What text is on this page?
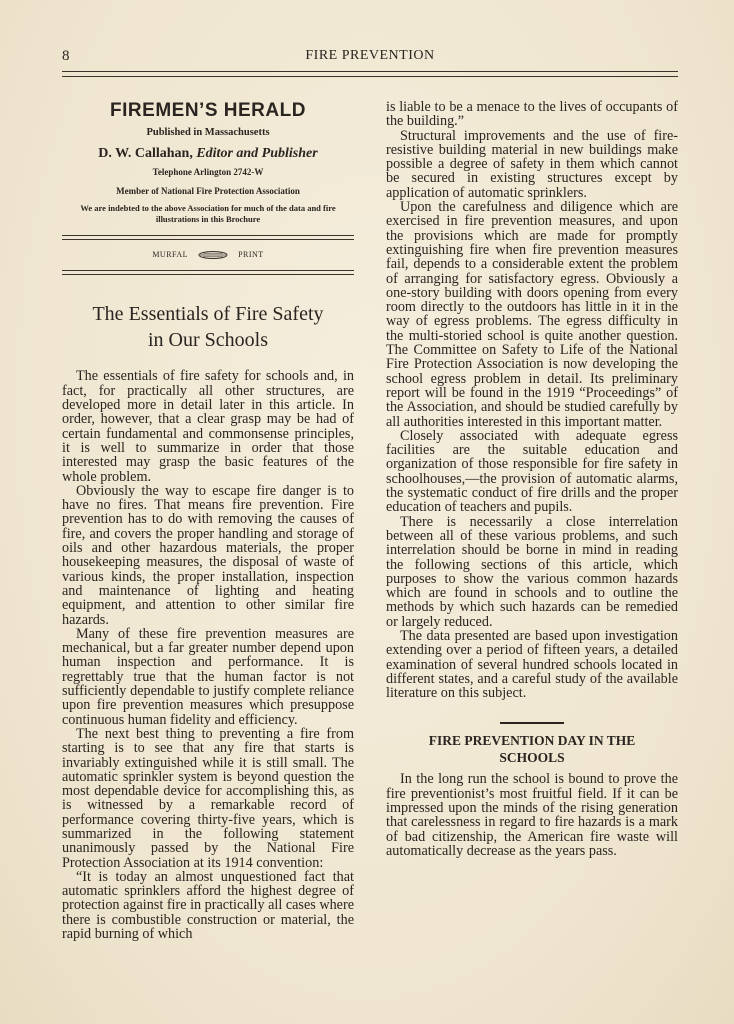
8	FIRE PREVENTION
FIREMEN’S HERALD
Published in Massachusetts
D. W. Callahan, Editor and Publisher
Telephone Arlington 2742-W
Member of National Fire Protection Association
We are indebted to the above Association for much of the data and fire illustrations in this Brochure
MURFAL	PRINT
The Essentials of Fire Safety
in Our Schools

The essentials of fire safety for schools and, in fact, for practically all other structures, are developed more in detail later in this article. In order, however, that a clear grasp may be had of certain fundamental and commonsense principles, it is well to summarize in order that those interested may grasp the basic features of the whole problem.

Obviously the way to escape fire danger is to have no fires. That means fire prevention. Fire prevention has to do with removing the causes of fire, and covers the proper handling and storage of oils and other hazardous materials, the proper housekeeping measures, the disposal of waste of various kinds, the proper installation, inspection and maintenance of lighting and heating equipment, and attention to other similar fire hazards.

Many of these fire prevention measures are mechanical, but a far greater number depend upon human inspection and performance. It is regrettably true that the human factor is not sufficiently dependable to justify complete reliance upon fire prevention measures which presuppose continuous human fidelity and efficiency.

The next best thing to preventing a fire from starting is to see that any fire that starts is invariably extinguished while it is still small. The automatic sprinkler system is beyond question the most dependable device for accomplishing this, as is witnessed by a remarkable record of performance covering thirty-five years, which is summarized in the following statement unanimously passed by the National Fire Protection Association at its 1914 convention:

“It is today an almost unquestioned fact that automatic sprinklers afford the highest degree of protection against fire in practically all cases where there is combustible construction or material, the rapid burning of which

is liable to be a menace to the lives of occupants of the building.”

Structural improvements and the use of fire-resistive building material in new buildings make possible a degree of safety in them which cannot be secured in existing structures except by application of automatic sprinklers.

Upon the carefulness and diligence which are exercised in fire prevention measures, and upon the provisions which are made for promptly extinguishing fire when fire prevention measures fail, depends to a considerable extent the problem of arranging for satisfactory egress. Obviously a one-story building with doors opening from every room directly to the outdoors has little in it in the way of egress problems. The egress difficulty in the multi-storied school is quite another question. The Committee on Safety to Life of the National Fire Protection Association is now developing the school egress problem in detail. Its preliminary report will be found in the 1919 “Proceedings” of the Association, and should be studied carefully by all authorities interested in this important matter.

Closely associated with adequate egress facilities are the suitable education and organization of those responsible for fire safety in schoolhouses,—the provision of automatic alarms, the systematic conduct of fire drills and the proper education of teachers and pupils.

There is necessarily a close interrelation between all of these various problems, and such interrelation should be borne in mind in reading the following sections of this article, which purposes to show the various common hazards which are found in schools and to outline the methods by which such hazards can be remedied or largely reduced.

The data presented are based upon investigation extending over a period of fifteen years, a detailed examination of several hundred schools located in different states, and a careful study of the available literature on this subject.

FIRE PREVENTION DAY IN THE
SCHOOLS

In the long run the school is bound to prove the fire preventionist’s most fruitful field. If it can be impressed upon the minds of the rising generation that carelessness in regard to fire hazards is a mark of bad citizenship, the American fire waste will automatically decrease as the years pass.
